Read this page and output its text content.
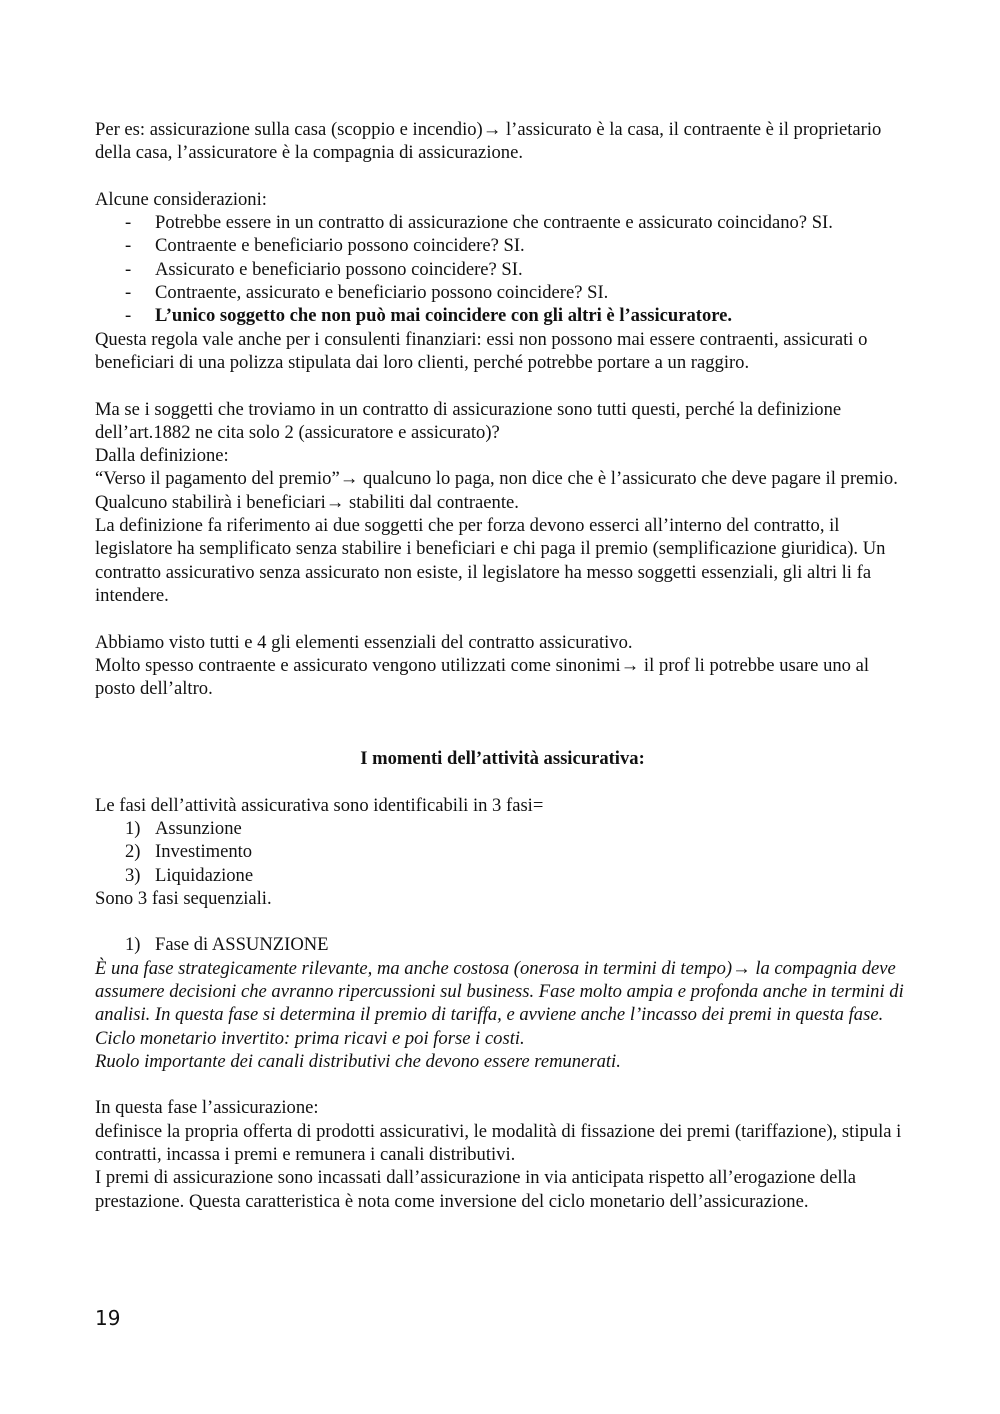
Per es: assicurazione sulla casa (scoppio e incendio)→ l’assicurato è la casa, il contraente è il proprietario della casa, l’assicuratore è la compagnia di assicurazione.

Alcune considerazioni:

- Potrebbe essere in un contratto di assicurazione che contraente e assicurato coincidano? SI.
- Contraente e beneficiario possono coincidere? SI.
- Assicurato e beneficiario possono coincidere? SI.
- Contraente, assicurato e beneficiario possono coincidere? SI.
- L’unico soggetto che non può mai coincidere con gli altri è l’assicuratore.

Questa regola vale anche per i consulenti finanziari: essi non possono mai essere contraenti, assicurati o beneficiari di una polizza stipulata dai loro clienti, perché potrebbe portare a un raggiro.

Ma se i soggetti che troviamo in un contratto di assicurazione sono tutti questi, perché la definizione dell’art.1882 ne cita solo 2 (assicuratore e assicurato)?

Dalla definizione:

“Verso il pagamento del premio”→ qualcuno lo paga, non dice che è l’assicurato che deve pagare il premio.

Qualcuno stabilirà i beneficiari→ stabiliti dal contraente.

La definizione fa riferimento ai due soggetti che per forza devono esserci all’interno del contratto, il legislatore ha semplificato senza stabilire i beneficiari e chi paga il premio (semplificazione giuridica). Un contratto assicurativo senza assicurato non esiste, il legislatore ha messo soggetti essenziali, gli altri li fa intendere.

Abbiamo visto tutti e 4 gli elementi essenziali del contratto assicurativo.

Molto spesso contraente e assicurato vengono utilizzati come sinonimi→ il prof li potrebbe usare uno al posto dell’altro.

I momenti dell’attività assicurativa:

Le fasi dell’attività assicurativa sono identificabili in 3 fasi=

1) Assunzione
2) Investimento
3) Liquidazione

Sono 3 fasi sequenziali.

1) Fase di ASSUNZIONE

È una fase strategicamente rilevante, ma anche costosa (onerosa in termini di tempo)→ la compagnia deve assumere decisioni che avranno ripercussioni sul business. Fase molto ampia e profonda anche in termini di analisi. In questa fase si determina il premio di tariffa, e avviene anche l’incasso dei premi in questa fase.

Ciclo monetario invertito: prima ricavi e poi forse i costi.

Ruolo importante dei canali distributivi che devono essere remunerati.

In questa fase l’assicurazione:

definisce la propria offerta di prodotti assicurativi, le modalità di fissazione dei premi (tariffazione), stipula i contratti, incassa i premi e remunera i canali distributivi.

I premi di assicurazione sono incassati dall’assicurazione in via anticipata rispetto all’erogazione della prestazione. Questa caratteristica è nota come inversione del ciclo monetario dell’assicurazione.

19
